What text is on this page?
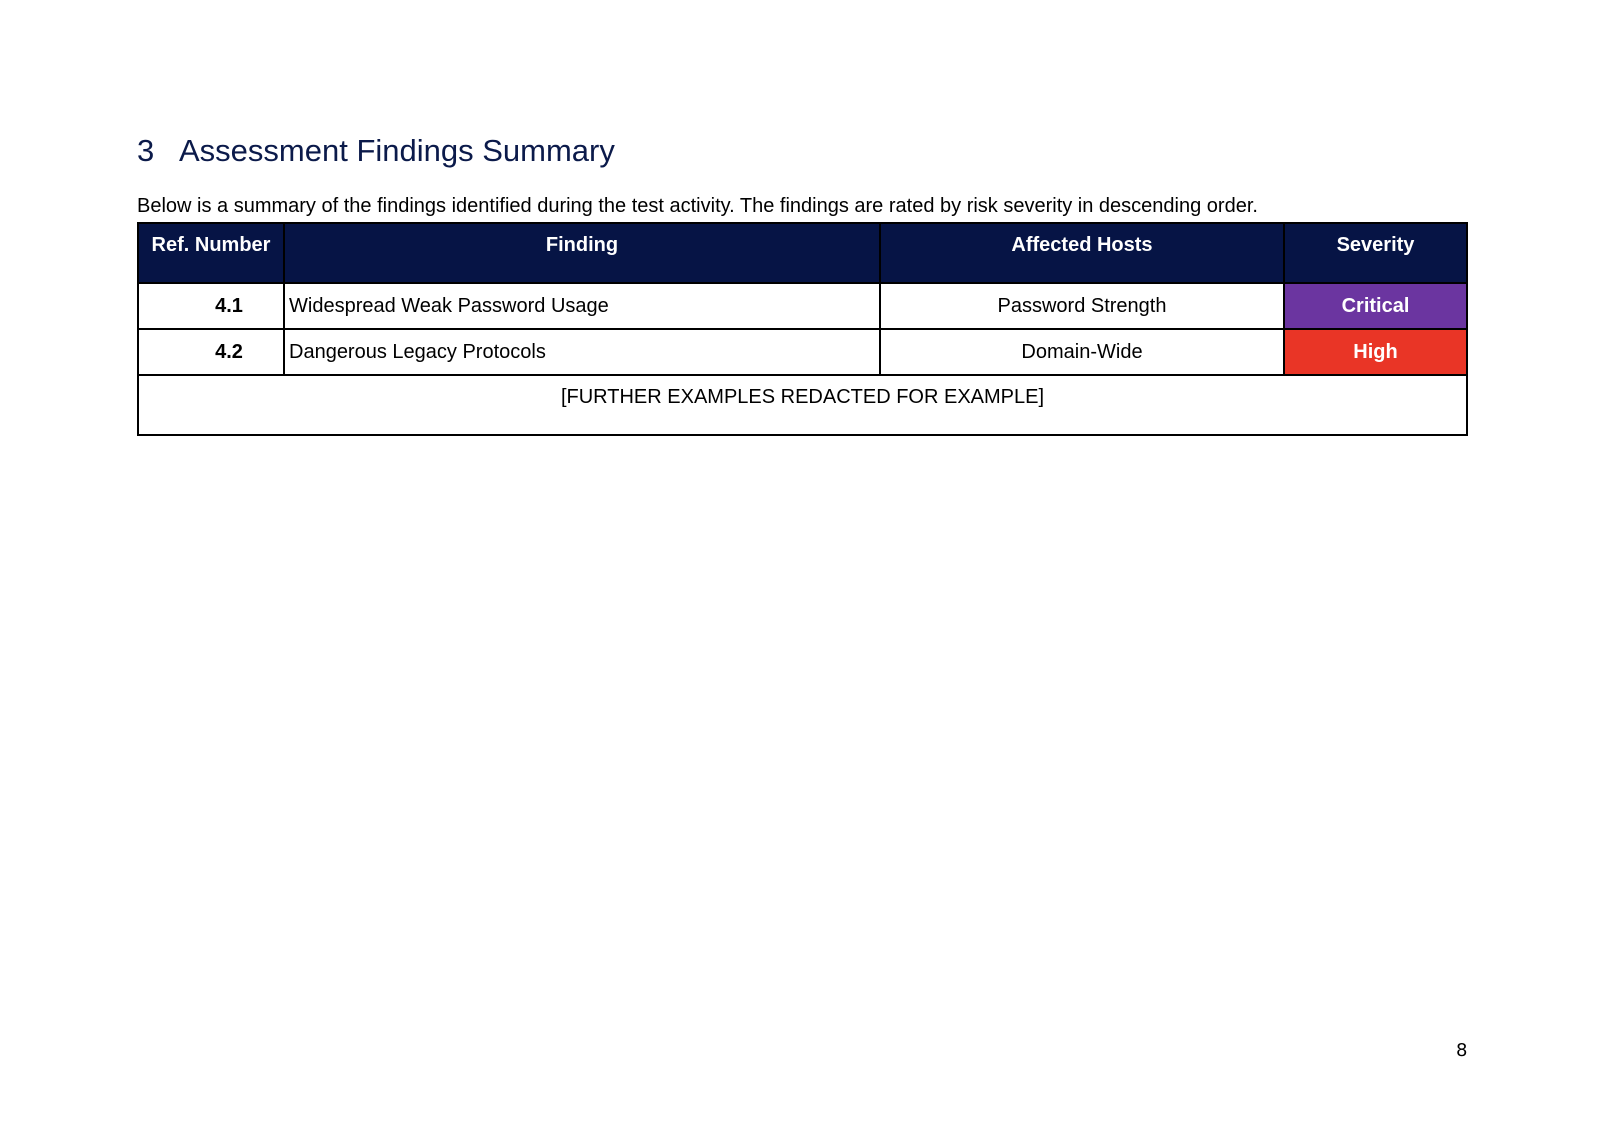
3 Assessment Findings Summary

Below is a summary of the findings identified during the test activity. The findings are rated by risk severity in descending order.

Ref. Number	Finding	Affected Hosts	Severity
4.1	Widespread Weak Password Usage	Password Strength	Critical
4.2	Dangerous Legacy Protocols	Domain-Wide	High
[FURTHER EXAMPLES REDACTED FOR EXAMPLE]			
8
